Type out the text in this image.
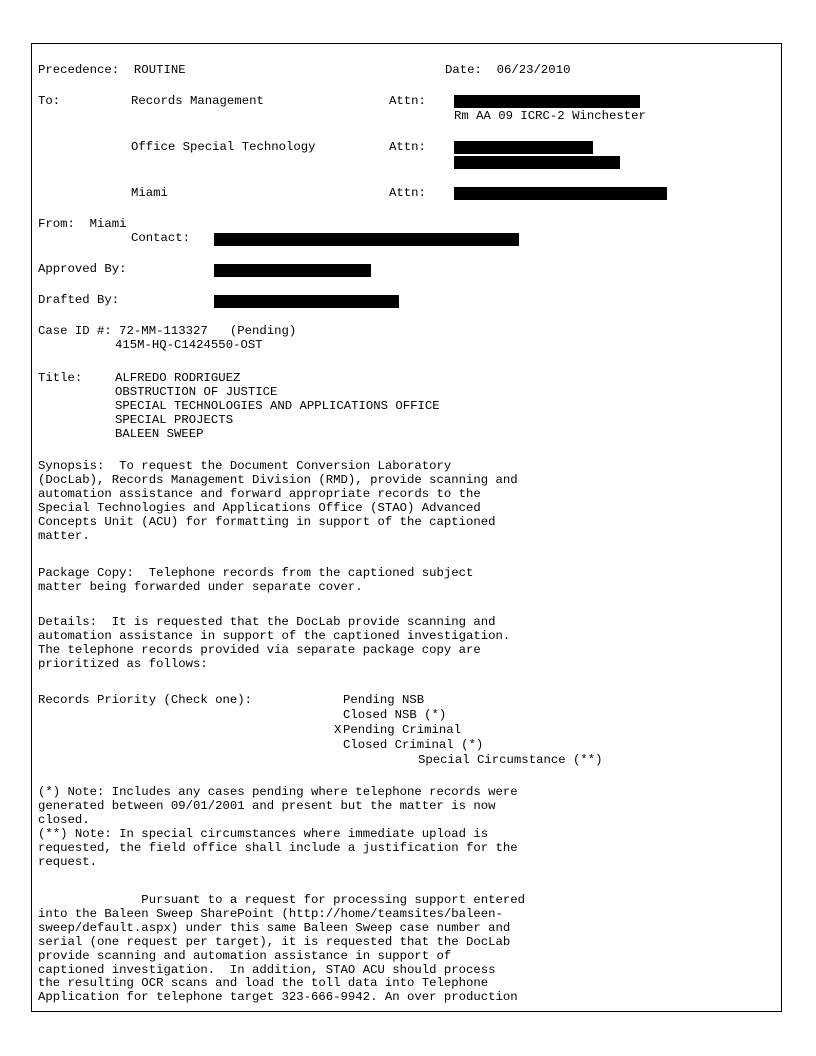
Precedence:  ROUTINE	Date:  06/23/2010
To:	Records Management	Attn:
Rm AA 09 ICRC-2 Winchester
Office Special Technology	Attn:
Miami	Attn:
From:  Miami
Contact:
Approved By:
Drafted By:
Case ID #: 72-MM-113327   (Pending)
415M-HQ-C1424550-OST
Title:	ALFREDO RODRIGUEZ
OBSTRUCTION OF JUSTICE
SPECIAL TECHNOLOGIES AND APPLICATIONS OFFICE
SPECIAL PROJECTS
BALEEN SWEEP
Synopsis:  To request the Document Conversion Laboratory
(DocLab), Records Management Division (RMD), provide scanning and
automation assistance and forward appropriate records to the
Special Technologies and Applications Office (STAO) Advanced
Concepts Unit (ACU) for formatting in support of the captioned
matter.
Package Copy:  Telephone records from the captioned subject
matter being forwarded under separate cover.
Details:  It is requested that the DocLab provide scanning and
automation assistance in support of the captioned investigation.
The telephone records provided via separate package copy are
prioritized as follows:
Records Priority (Check one):	Pending NSB
Closed NSB (*)
X Pending Criminal
Closed Criminal (*)
Special Circumstance (**)
(*) Note: Includes any cases pending where telephone records were
generated between 09/01/2001 and present but the matter is now
closed.
(**) Note: In special circumstances where immediate upload is
requested, the field office shall include a justification for the
request.
Pursuant to a request for processing support entered
into the Baleen Sweep SharePoint (http://home/teamsites/baleen-
sweep/default.aspx) under this same Baleen Sweep case number and
serial (one request per target), it is requested that the DocLab
provide scanning and automation assistance in support of
captioned investigation.  In addition, STAO ACU should process
the resulting OCR scans and load the toll data into Telephone
Application for telephone target 323-666-9942. An over production
